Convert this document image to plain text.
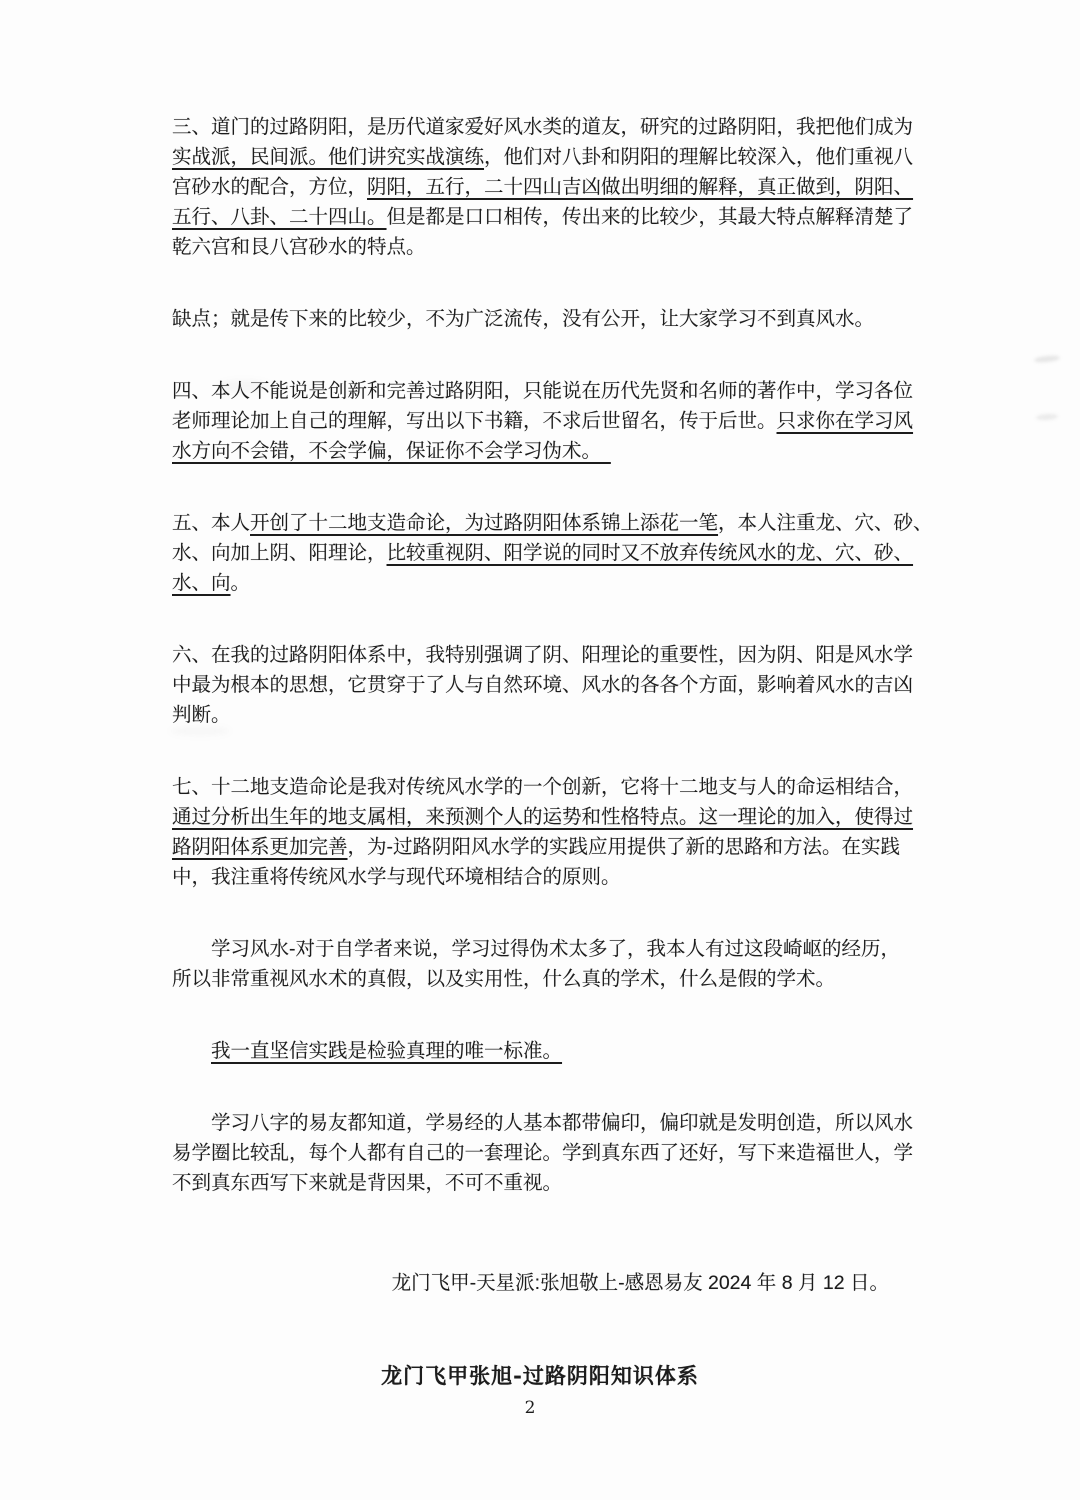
三、道门的过路阴阳，是历代道家爱好风水类的道友，研究的过路阴阳，我把他们成为
实战派，民间派。他们讲究实战演练，他们对八卦和阴阳的理解比较深入，他们重视八
宫砂水的配合，方位，阴阳，五行，二十四山吉凶做出明细的解释，真正做到，阴阳、
五行、八卦、二十四山。但是都是口口相传，传出来的比较少，其最大特点解释清楚了
乾六宫和艮八宫砂水的特点。
缺点；就是传下来的比较少，不为广泛流传，没有公开，让大家学习不到真风水。
四、本人不能说是创新和完善过路阴阳，只能说在历代先贤和名师的著作中，学习各位
老师理论加上自己的理解，写出以下书籍，不求后世留名，传于后世。只求你在学习风
水方向不会错，不会学偏，保证你不会学习伪术。　
五、本人开创了十二地支造命论，为过路阴阳体系锦上添花一笔，本人注重龙、穴、砂、
水、向加上阴、阳理论，比较重视阴、阳学说的同时又不放弃传统风水的龙、穴、砂、
水、向。
六、在我的过路阴阳体系中，我特别强调了阴、阳理论的重要性，因为阴、阳是风水学
中最为根本的思想，它贯穿于了人与自然环境、风水的各各个方面，影响着风水的吉凶
判断。
七、十二地支造命论是我对传统风水学的一个创新，它将十二地支与人的命运相结合，
通过分析出生年的地支属相，来预测个人的运势和性格特点。这一理论的加入，使得过
路阴阳体系更加完善，为-过路阴阳风水学的实践应用提供了新的思路和方法。在实践
中，我注重将传统风水学与现代环境相结合的原则。
　　学习风水-对于自学者来说，学习过得伪术太多了，我本人有过这段崎岖的经历，
所以非常重视风水术的真假，以及实用性，什么真的学术，什么是假的学术。
　　我一直坚信实践是检验真理的唯一标准。
　　学习八字的易友都知道，学易经的人基本都带偏印，偏印就是发明创造，所以风水
易学圈比较乱，每个人都有自己的一套理论。学到真东西了还好，写下来造福世人，学
不到真东西写下来就是背因果，不可不重视。

龙门飞甲-天星派:张旭敬上-感恩易友 2024 年 8 月 12 日。

龙门飞甲张旭-过路阴阳知识体系
2
